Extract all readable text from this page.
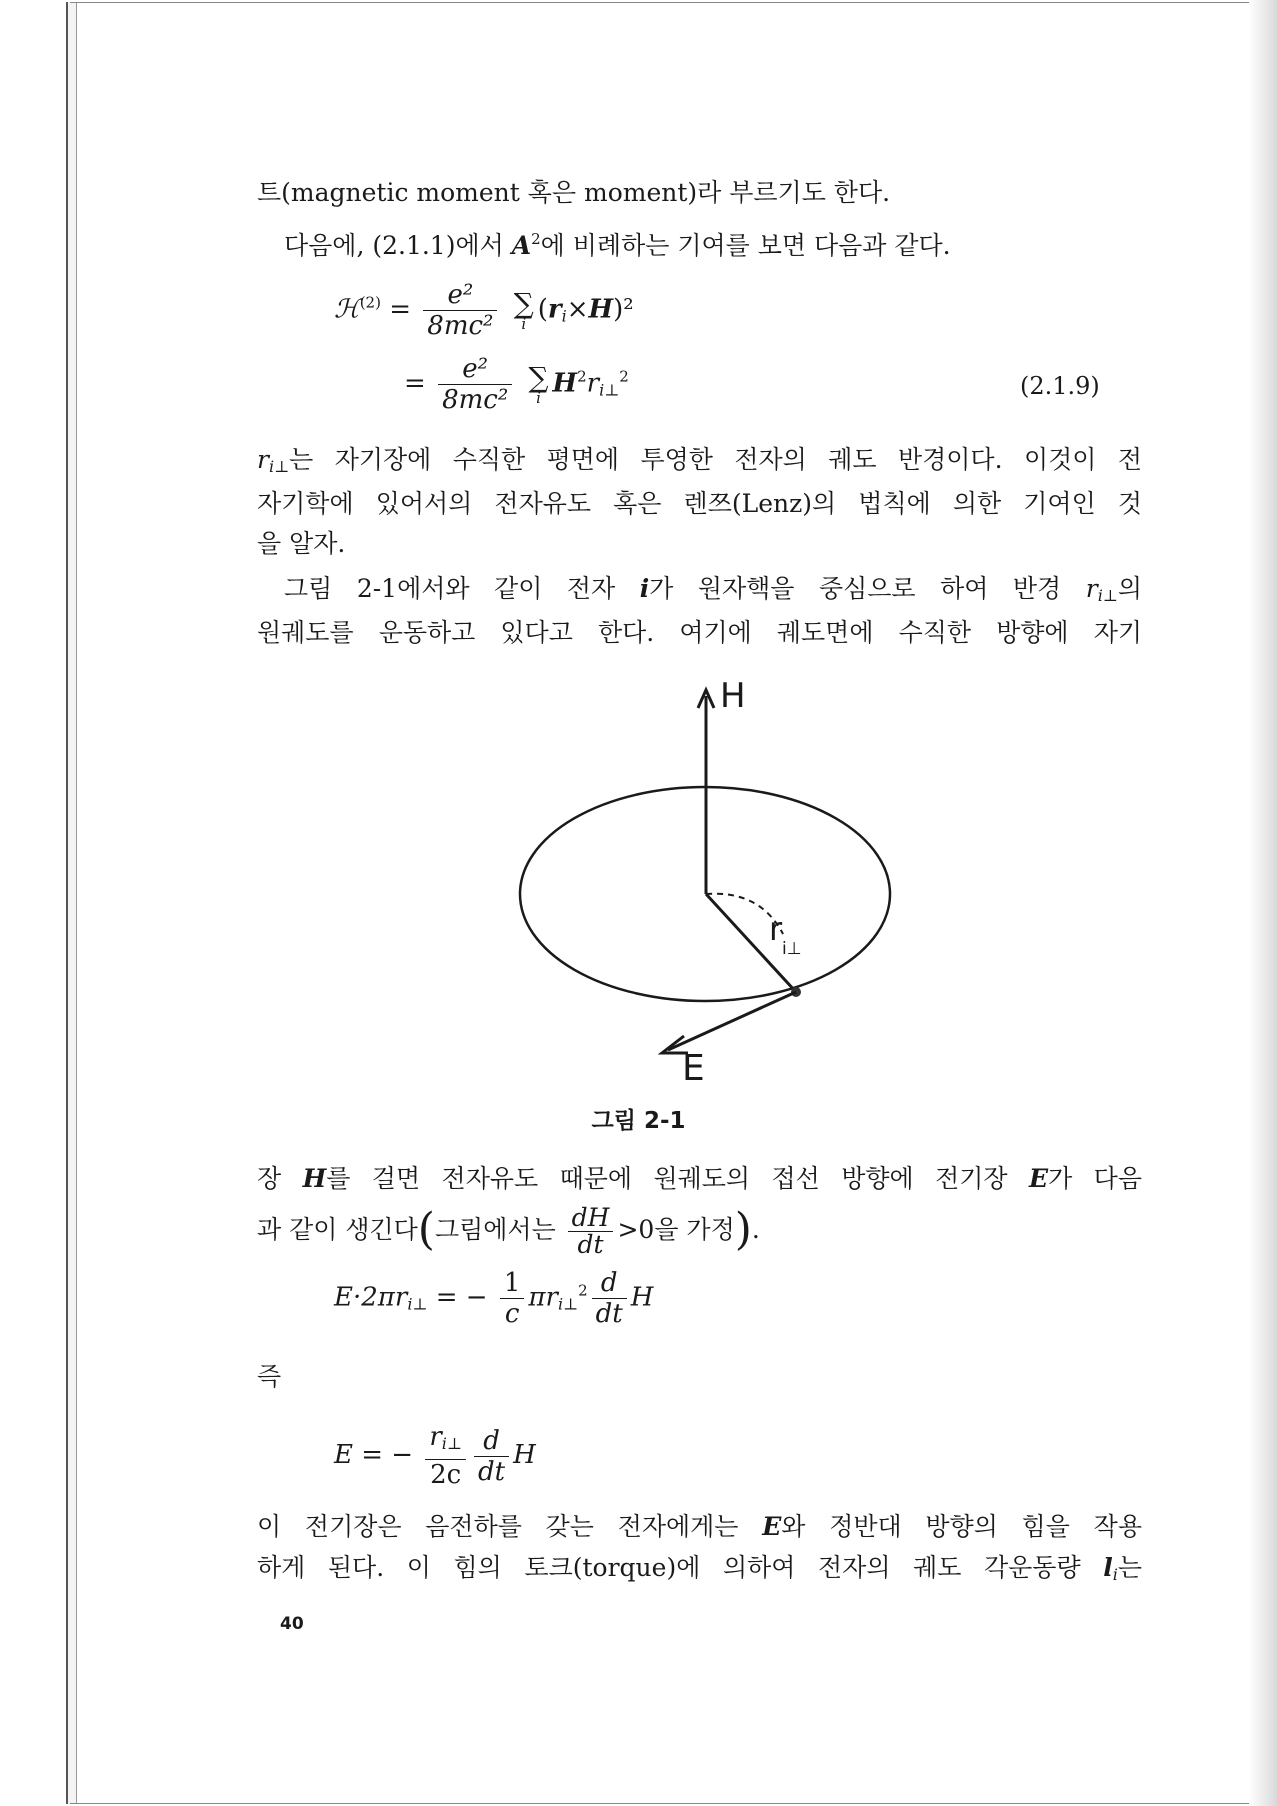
트(magnetic moment 혹은 moment)라 부르기도 한다.
다음에, (2.1.1)에서 $A^2$에 비례하는 기여를 보면 다음과 같다.
ℋ$^{(2)}$ = $\frac{\text{e²}}{\text{8mc²}}$
∑
i $(r_i\times H)^2$
= $\frac{\text{e²}}{\text{8mc²}}$
∑
i $H^2r_{i\perp}^2$	(2.1.9)
$r_{i\perp}$는 자기장에 수직한 평면에 투영한 전자의 궤도 반경이다. 이것이 전
자기학에 있어서의 전자유도 혹은 렌쯔(Lenz)의 법칙에 의한 기여인 것
을 알자.
그림 2-1에서와 같이 전자 i가 원자핵을 중심으로 하여 반경 $r_{i\perp}$의
원궤도를 운동하고 있다고 한다. 여기에 궤도면에 수직한 방향에 자기
H
r
i⊥
E
그림 2-1
장 H를 걸면 전자유도 때문에 원궤도의 접선 방향에 전기장 E가 다음
과 같이 생긴다(그림에서는 $\frac{dH}{dt} >0$을 가정).
$E\cdot 2\pi r_{i\perp}$ = − $\frac{1}{c} \pi r_{i\perp}^2 \frac{d}{dt}$ H
즉
E = − $\frac{r_{i\perp}}{2c} \frac{d}{dt}$ H
이 전기장은 음전하를 갖는 전자에게는 E와 정반대 방향의 힘을 작용
하게 된다. 이 힘의 토크(torque)에 의하여 전자의 궤도 각운동량 $l_i$는
40
